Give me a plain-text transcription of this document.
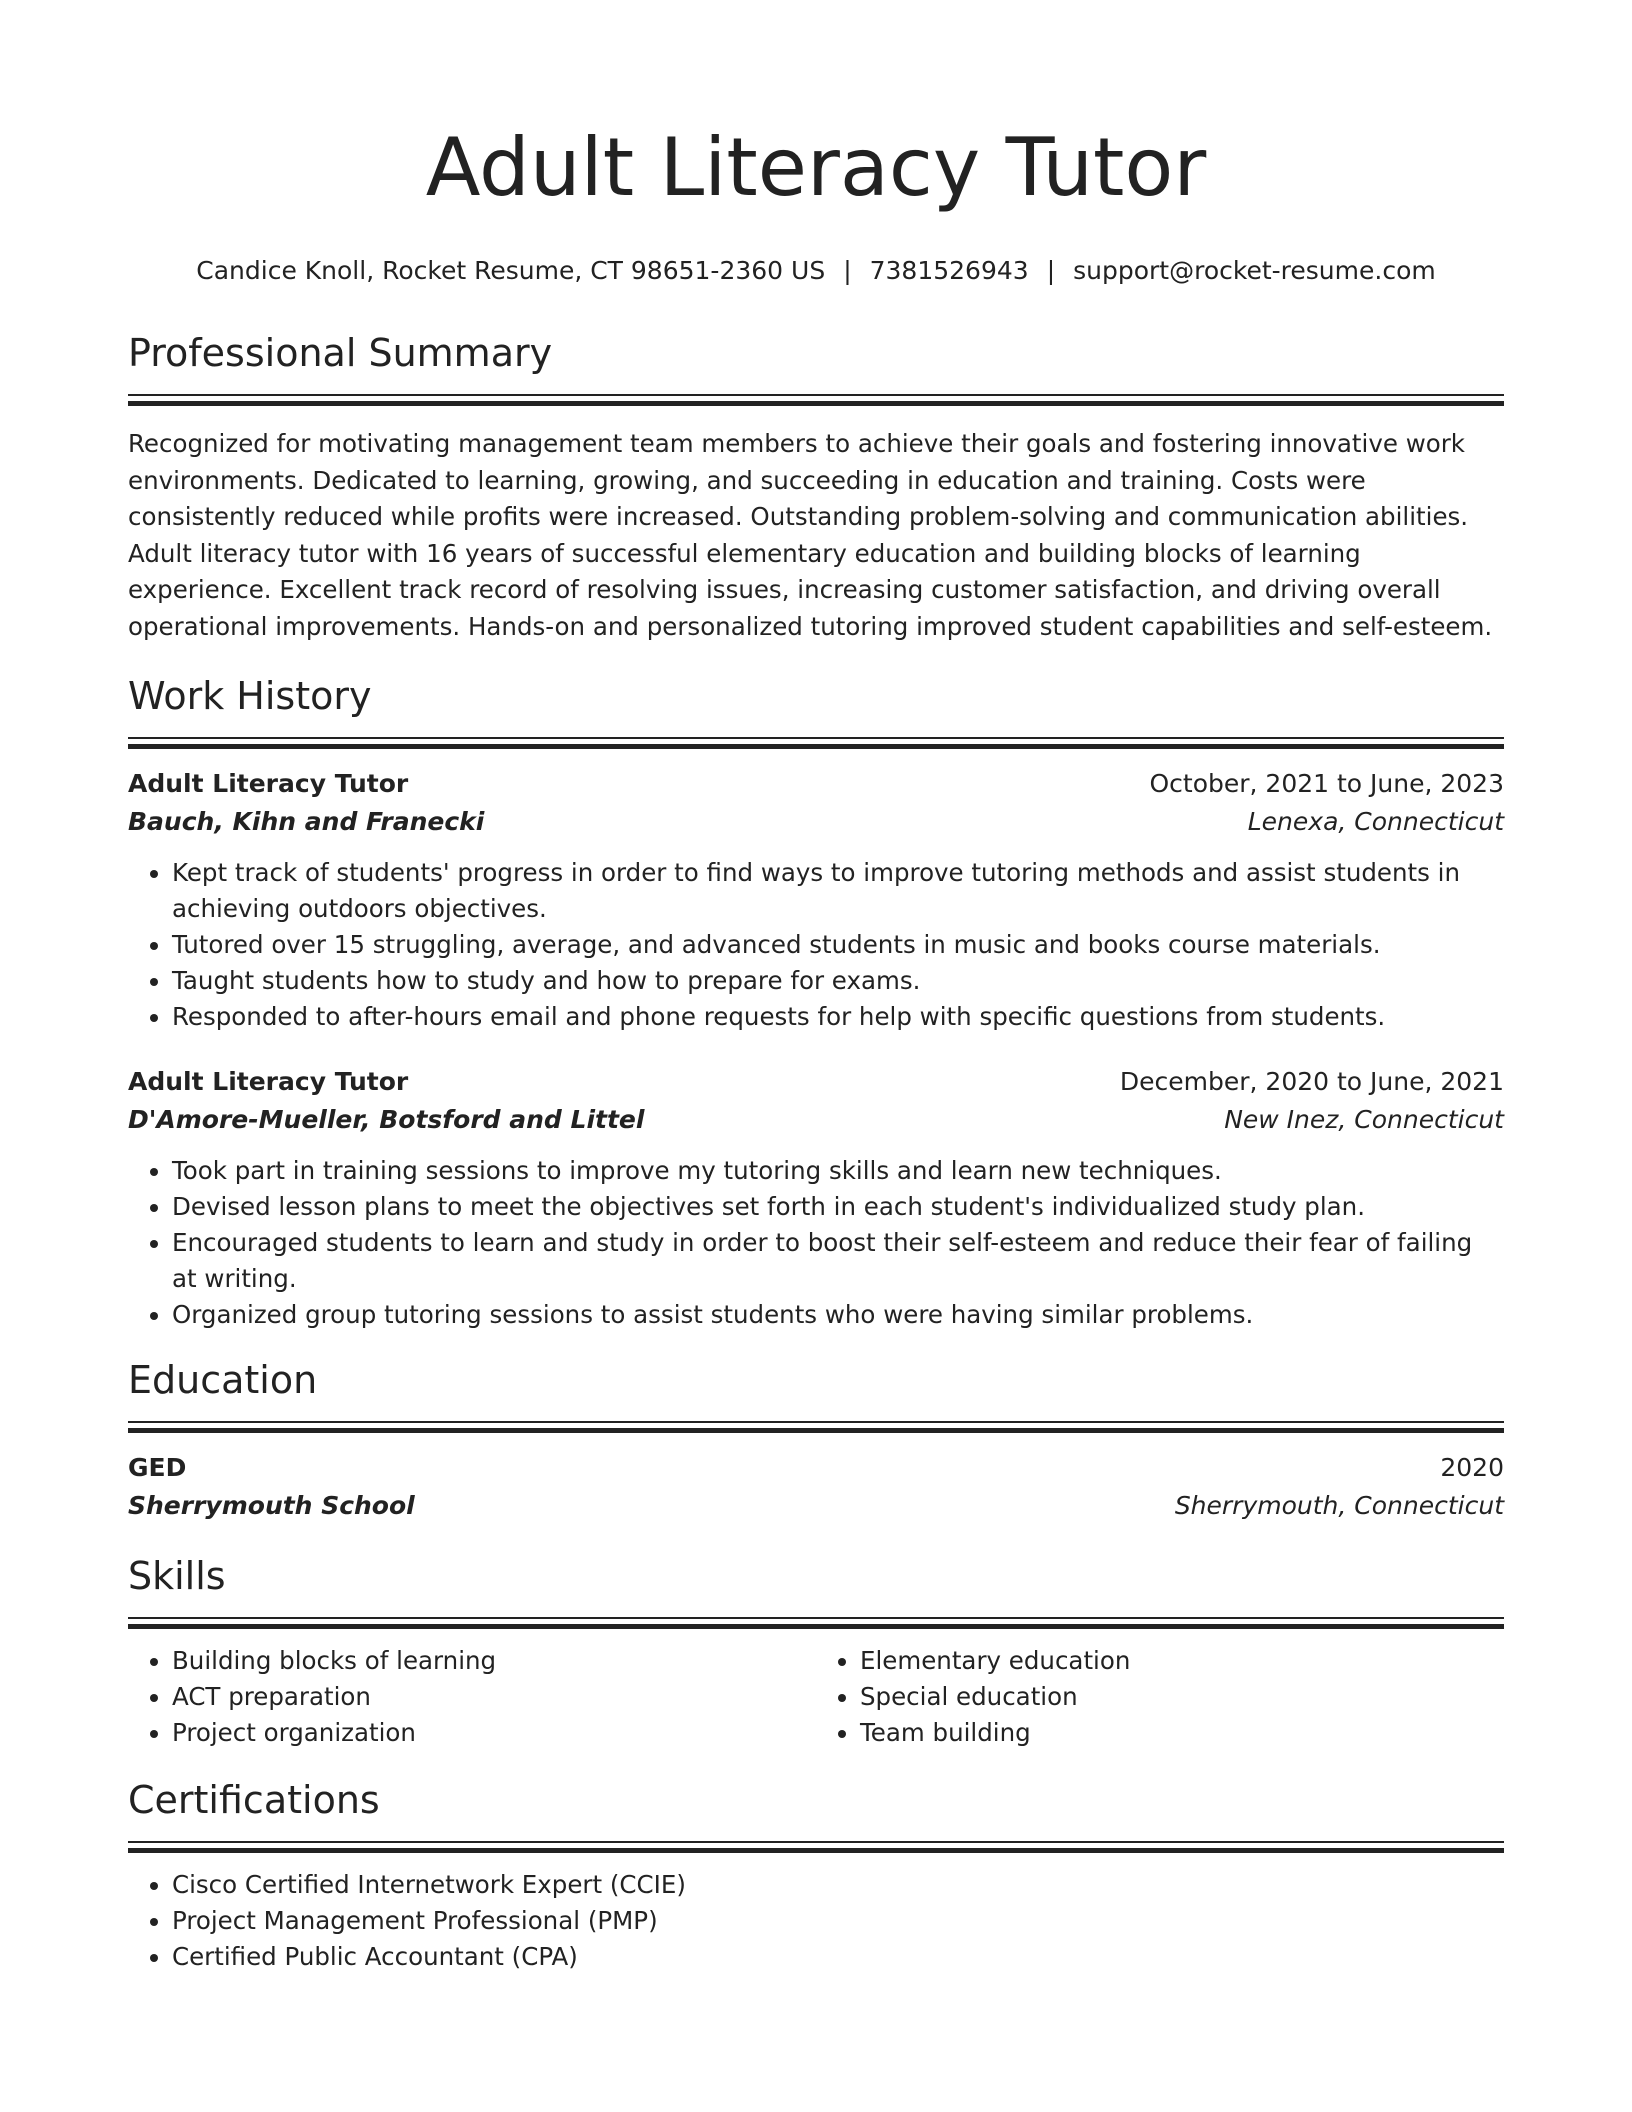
Adult Literacy Tutor
Candice Knoll, Rocket Resume, CT 98651-2360 US | 7381526943 | support@rocket-resume.com
Professional Summary

Recognized for motivating management team members to achieve their goals and fostering innovative work environments. Dedicated to learning, growing, and succeeding in education and training. Costs were consistently reduced while profits were increased. Outstanding problem-solving and communication abilities. Adult literacy tutor with 16 years of successful elementary education and building blocks of learning experience. Excellent track record of resolving issues, increasing customer satisfaction, and driving overall operational improvements. Hands-on and personalized tutoring improved student capabilities and self-esteem.

Work History
Adult Literacy Tutor	October, 2021 to June, 2023
Bauch, Kihn and Franecki	Lenexa, Connecticut
• Kept track of students' progress in order to find ways to improve tutoring methods and assist students in achieving outdoors objectives.
• Tutored over 15 struggling, average, and advanced students in music and books course materials.
• Taught students how to study and how to prepare for exams.
• Responded to after-hours email and phone requests for help with specific questions from students.
Adult Literacy Tutor	December, 2020 to June, 2021
D'Amore-Mueller, Botsford and Littel	New Inez, Connecticut
• Took part in training sessions to improve my tutoring skills and learn new techniques.
• Devised lesson plans to meet the objectives set forth in each student's individualized study plan.
• Encouraged students to learn and study in order to boost their self-esteem and reduce their fear of failing at writing.
• Organized group tutoring sessions to assist students who were having similar problems.
Education
GED	2020
Sherrymouth School	Sherrymouth, Connecticut
Skills
• Building blocks of learning
• ACT preparation
• Project organization
• Elementary education
• Special education
• Team building
Certifications
• Cisco Certified Internetwork Expert (CCIE)
• Project Management Professional (PMP)
• Certified Public Accountant (CPA)
